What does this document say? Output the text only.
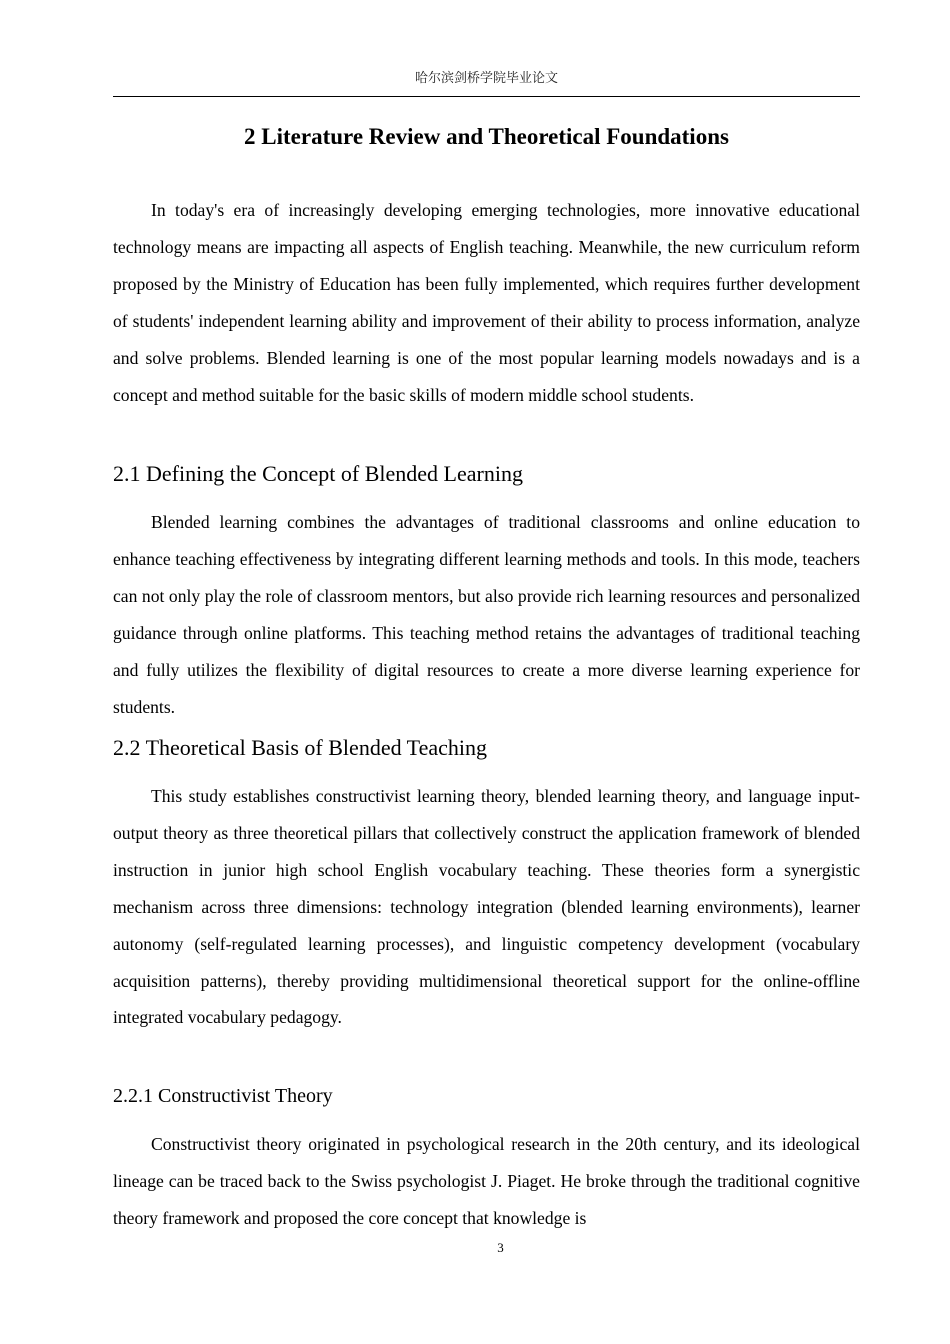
哈尔滨剑桥学院毕业论文
2 Literature Review and Theoretical Foundations

In today's era of increasingly developing emerging technologies, more innovative educational technology means are impacting all aspects of English teaching. Meanwhile, the new curriculum reform proposed by the Ministry of Education has been fully implemented, which requires further development of students' independent learning ability and improvement of their ability to process information, analyze and solve problems. Blended learning is one of the most popular learning models nowadays and is a concept and method suitable for the basic skills of modern middle school students.

2.1 Defining the Concept of Blended Learning

Blended learning combines the advantages of traditional classrooms and online education to enhance teaching effectiveness by integrating different learning methods and tools. In this mode, teachers can not only play the role of classroom mentors, but also provide rich learning resources and personalized guidance through online platforms. This teaching method retains the advantages of traditional teaching and fully utilizes the flexibility of digital resources to create a more diverse learning experience for students.

2.2 Theoretical Basis of Blended Teaching

This study establishes constructivist learning theory, blended learning theory, and language input-output theory as three theoretical pillars that collectively construct the application framework of blended instruction in junior high school English vocabulary teaching. These theories form a synergistic mechanism across three dimensions: technology integration (blended learning environments), learner autonomy (self-regulated learning processes), and linguistic competency development (vocabulary acquisition patterns), thereby providing multidimensional theoretical support for the online-offline integrated vocabulary pedagogy.

2.2.1 Constructivist Theory

Constructivist theory originated in psychological research in the 20th century, and its ideological lineage can be traced back to the Swiss psychologist J. Piaget. He broke through the traditional cognitive theory framework and proposed the core concept that knowledge is

3
